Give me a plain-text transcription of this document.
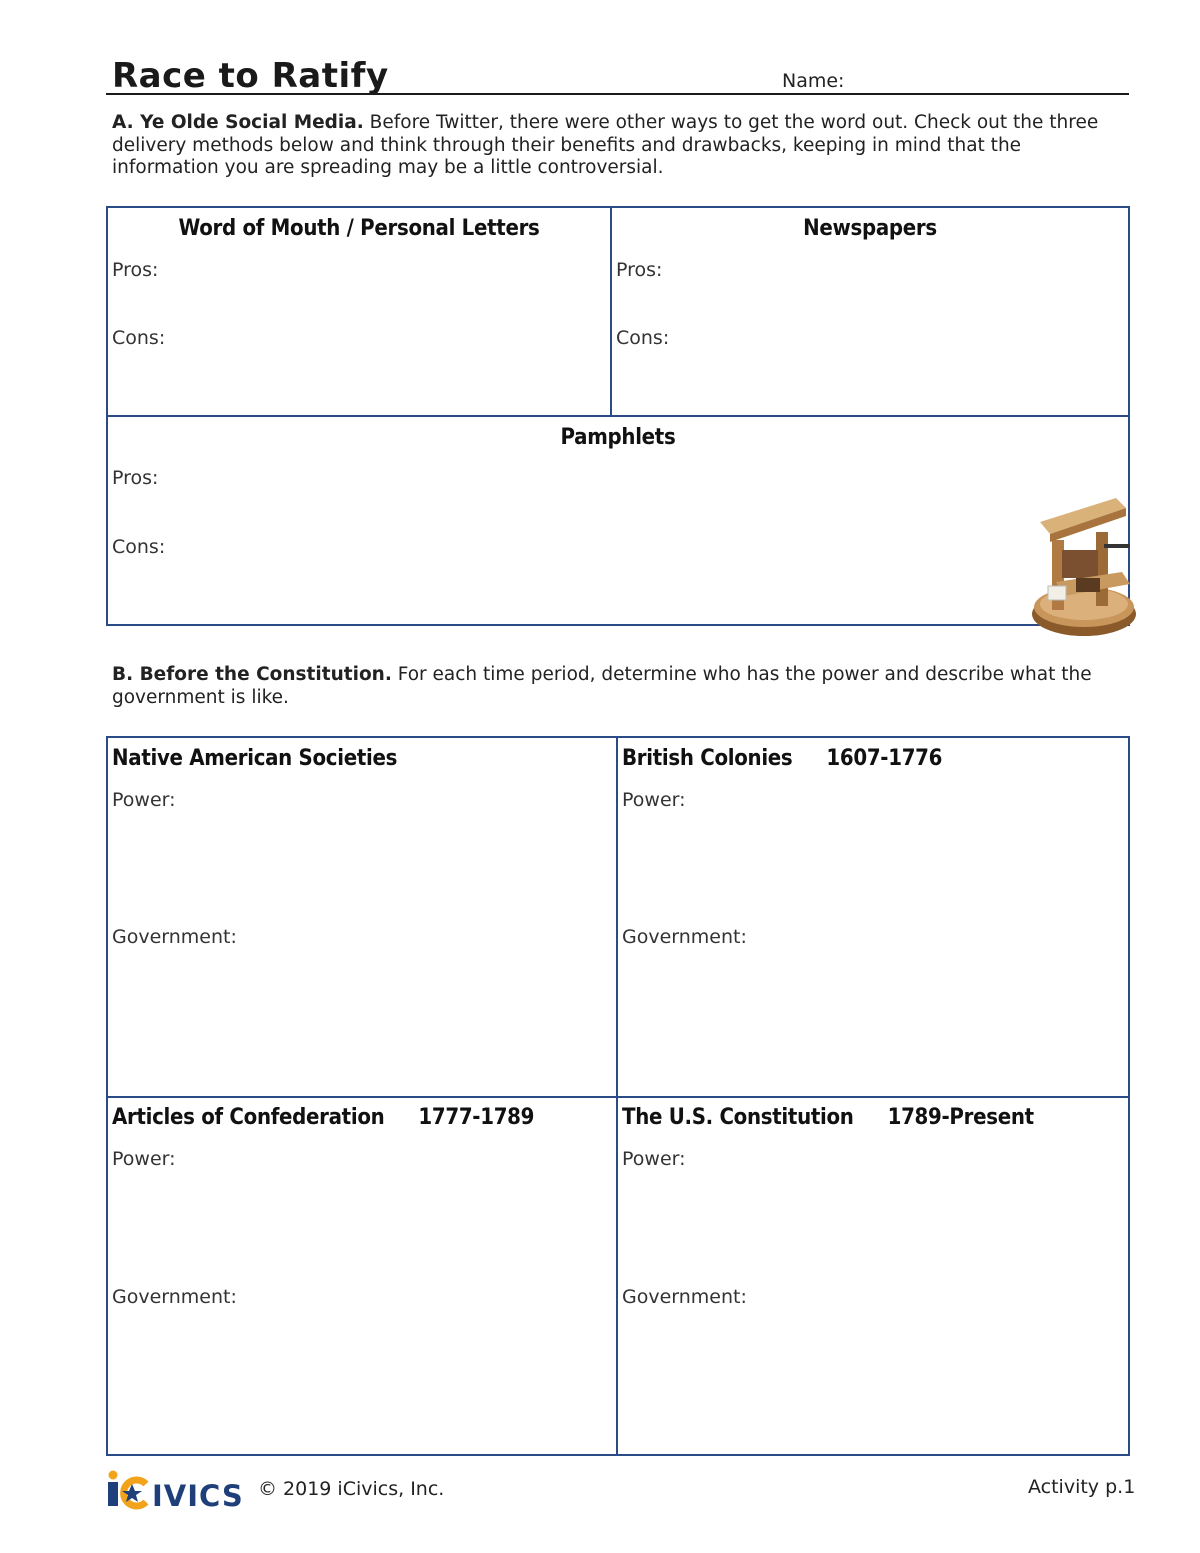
Race to Ratify	Name:
A. Ye Olde Social Media. Before Twitter, there were other ways to get the word out. Check out the three delivery methods below and think through their benefits and drawbacks, keeping in mind that the information you are spreading may be a little controversial.
Word of Mouth / Personal Letters
Pros:
Cons:
Newspapers
Pros:
Cons:
Pamphlets
Pros:
Cons:
B. Before the Constitution. For each time period, determine who has the power and describe what the government is like.
Native American Societies
Power:
Government:
British Colonies 1607-1776
Power:
Government:
Articles of Confederation 1777-1789
Power:
Government:
The U.S. Constitution 1789-Present
Power:
Government:
IVICS © 2019 iCivics, Inc.	Activity p.1
